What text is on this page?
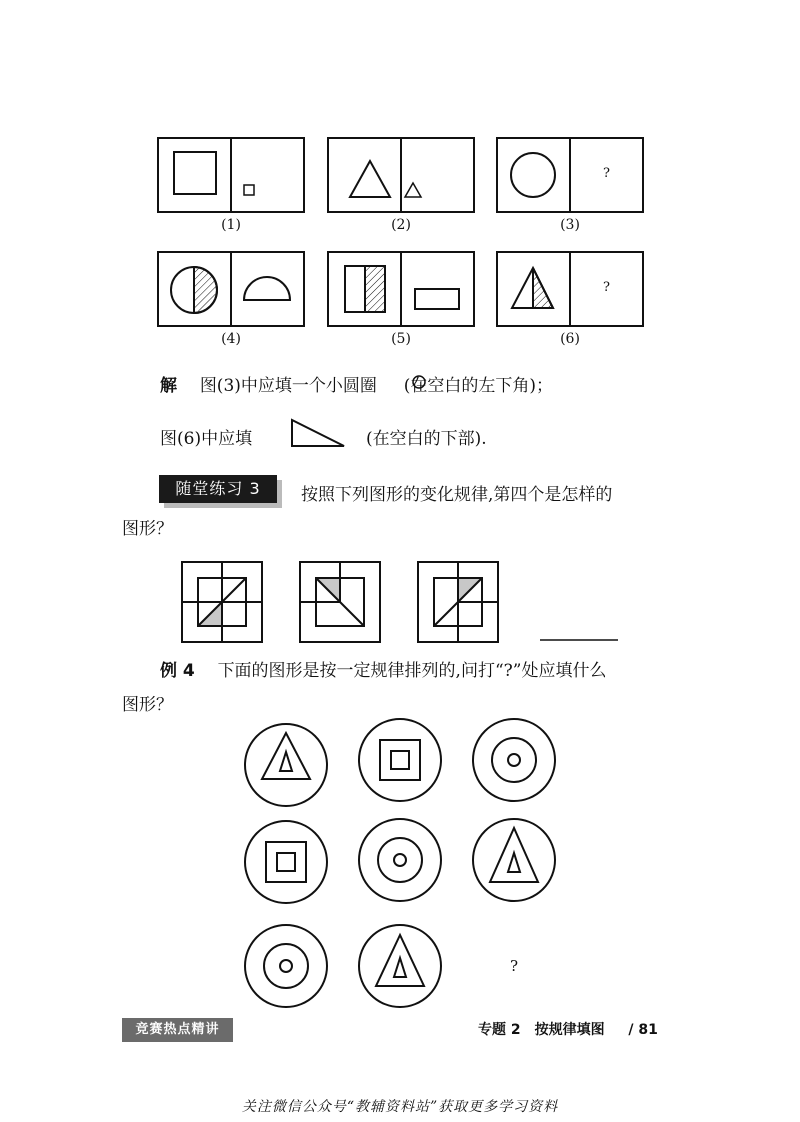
(1)	(2)	(3)
(4)	(5)	(6)
?
?
解 图(3)中应填一个小圆圈 (在空白的左下角)；
图(6)中应填	(在空白的下部).
随堂练习 3	按照下列图形的变化规律,第四个是怎样的
图形？
例 4 下面的图形是按一定规律排列的,问打“?”处应填什么
图形？
?
竞赛热点精讲	专题 2　按规律填图 / 81
关注微信公众号“教辅资料站”获取更多学习资料
